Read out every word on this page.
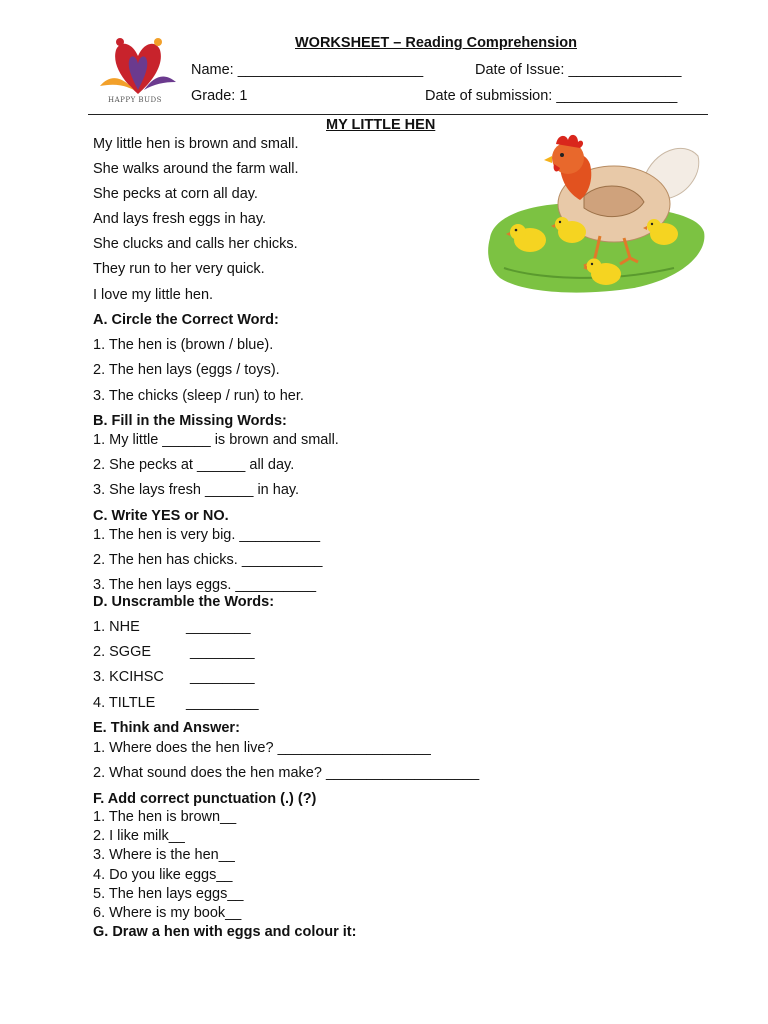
HAPPY BUDS
WORKSHEET – Reading Comprehension
Name: _______________________	Date of Issue: ______________
Grade: 1	Date of submission: _______________
MY LITTLE HEN
My little hen is brown and small.
She walks around the farm wall.
She pecks at corn all day.
And lays fresh eggs in hay.
She clucks and calls her chicks.
They run to her very quick.
I love my little hen.
A. Circle the Correct Word:
1. The hen is (brown / blue).
2. The hen lays (eggs / toys).
3. The chicks (sleep / run) to her.
B. Fill in the Missing Words:
1. My little ______ is brown and small.
2. She pecks at ______ all day.
3. She lays fresh ______ in hay.
C. Write YES or NO.
1. The hen is very big. __________
2. The hen has chicks. __________
3. The hen lays eggs. __________
D. Unscramble the Words:
1. NHE	________
2. SGGE	________
3. KCIHSC ________
4. TILTLE _________
E. Think and Answer:
1. Where does the hen live? ___________________
2. What sound does the hen make? ___________________
F. Add correct punctuation (.) (?)
1. The hen is brown__
2. I like milk__
3. Where is the hen__
4. Do you like eggs__
5. The hen lays eggs__
6. Where is my book__
G. Draw a hen with eggs and colour it:
